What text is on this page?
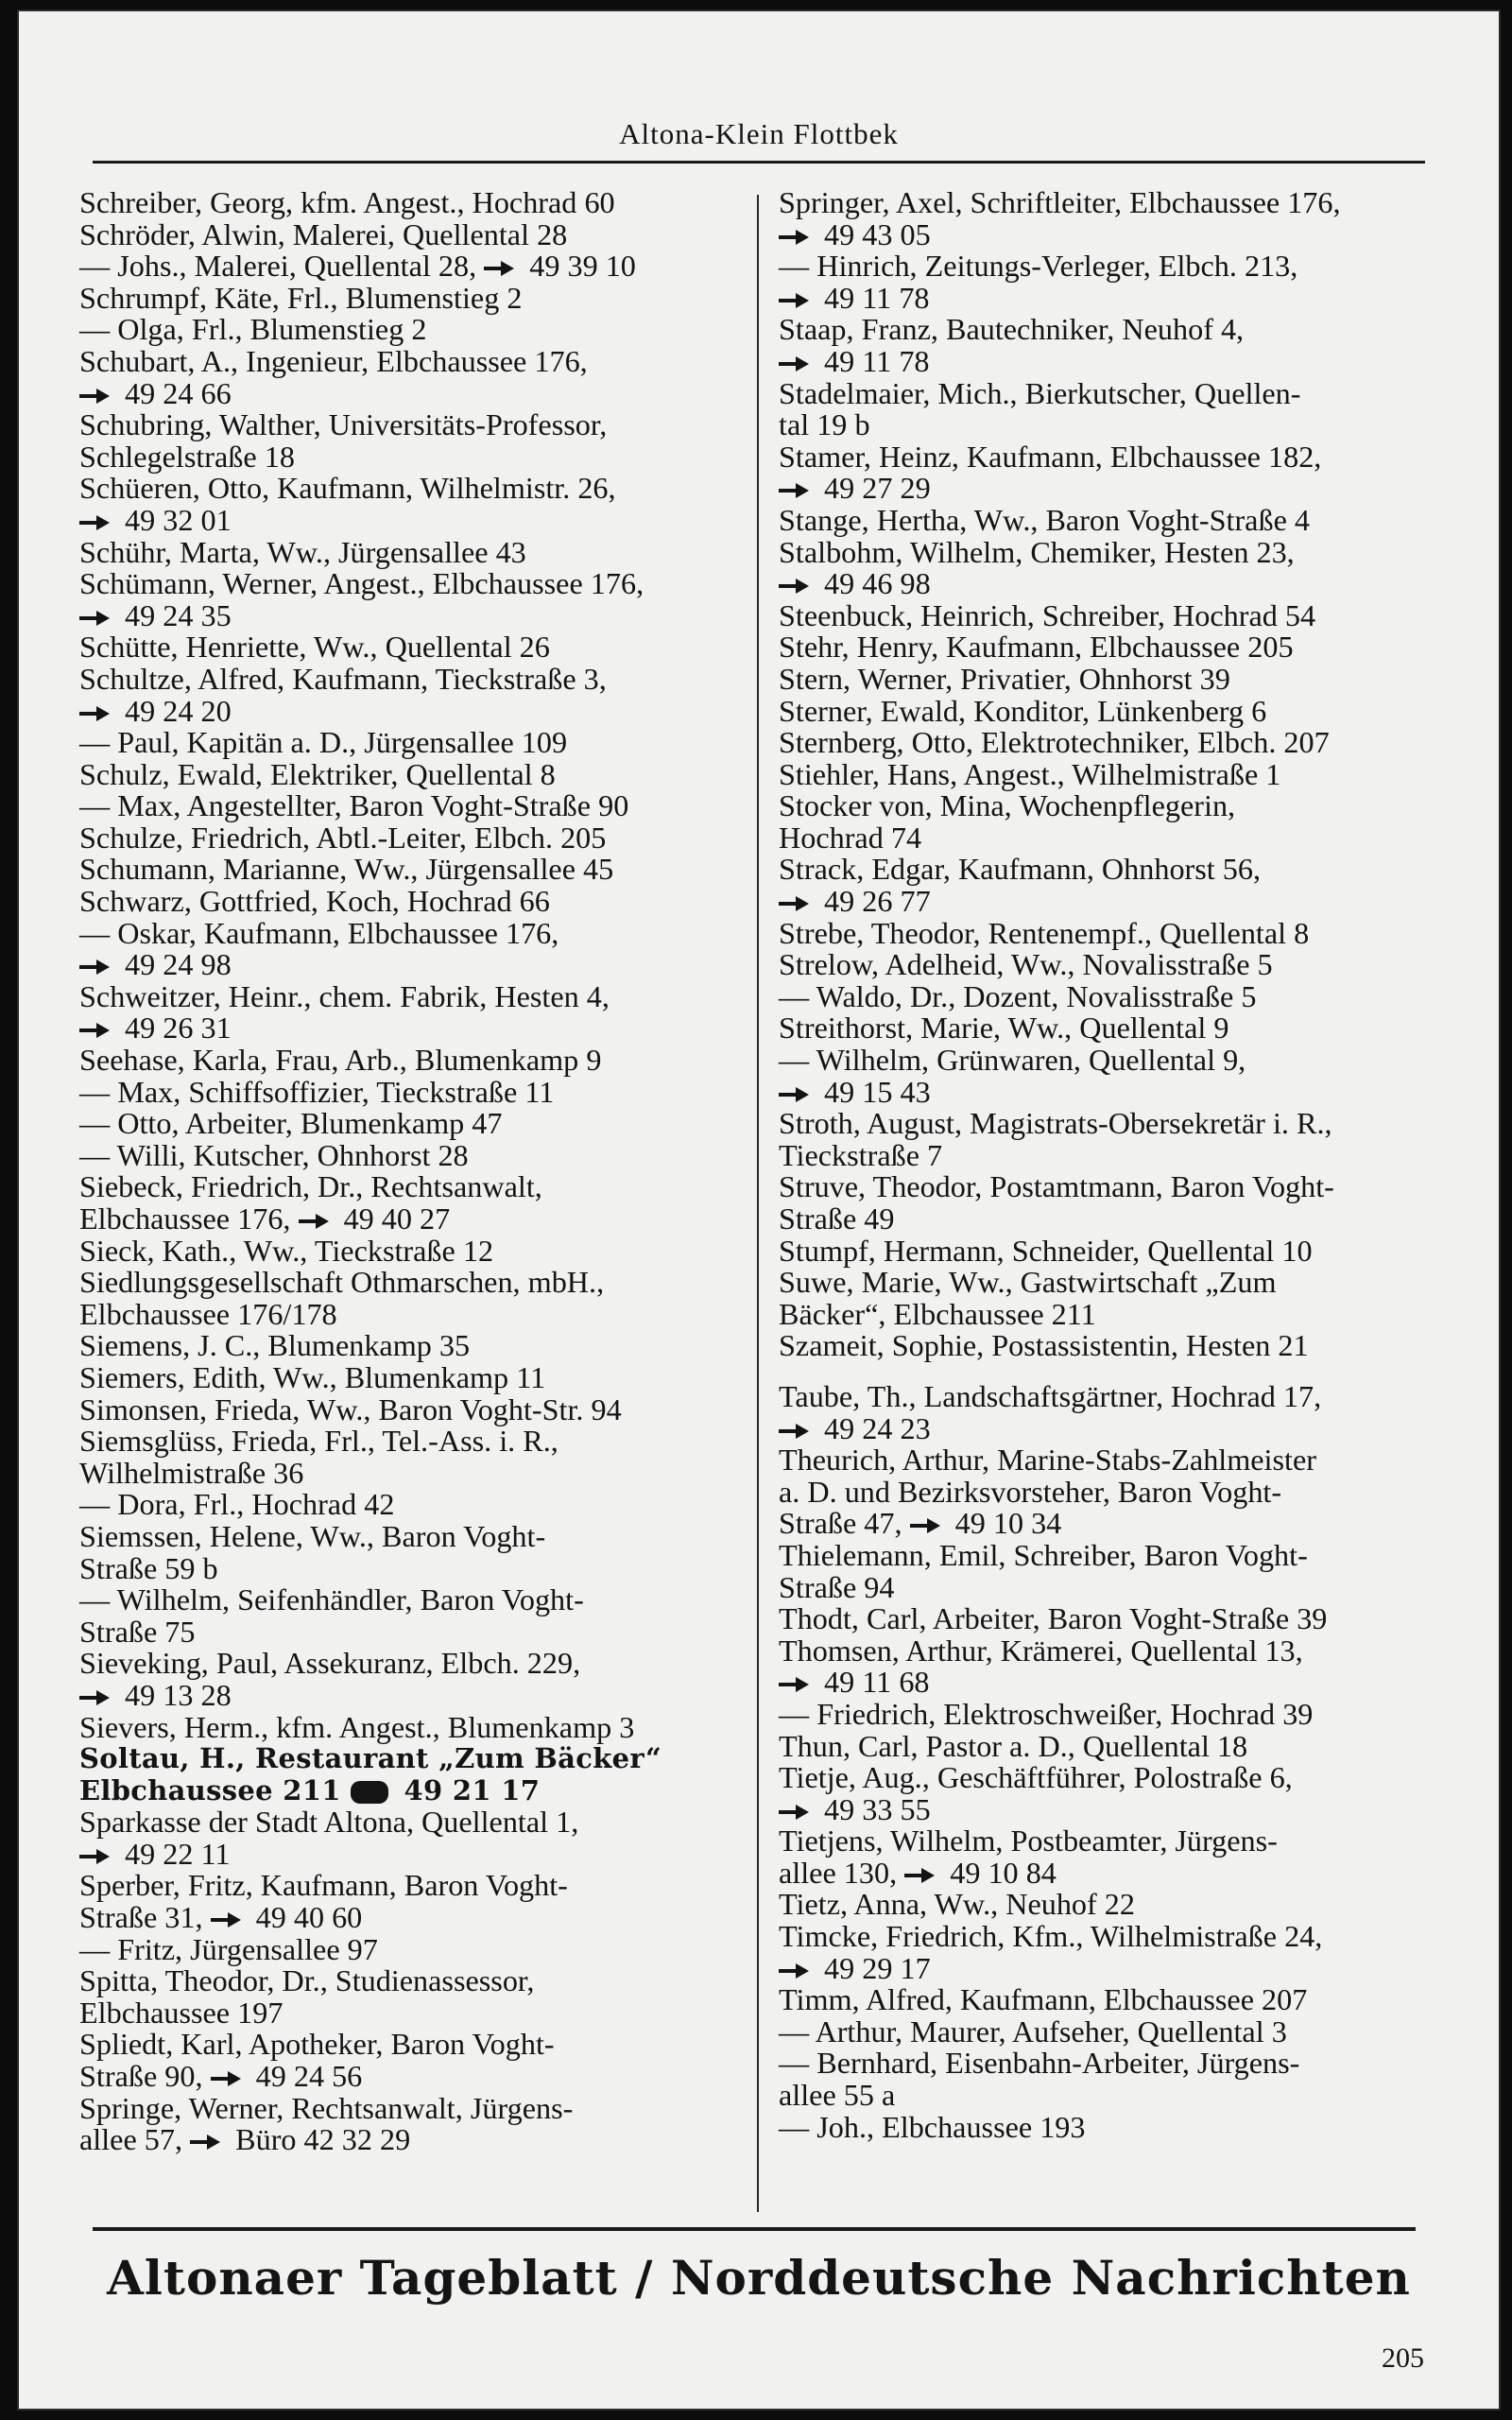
Altona-Klein Flottbek
Schreiber, Georg, kfm. Angest., Hochrad 60
Schröder, Alwin, Malerei, Quellental 28
— Johs., Malerei, Quellental 28,  49 39 10
Schrumpf, Käte, Frl., Blumenstieg 2
— Olga, Frl., Blumenstieg 2
Schubart, A., Ingenieur, Elbchaussee 176,
49 24 66
Schubring, Walther, Universitäts-Professor,
Schlegelstraße 18
Schüeren, Otto, Kaufmann, Wilhelmistr. 26,
49 32 01
Schühr, Marta, Ww., Jürgensallee 43
Schümann, Werner, Angest., Elbchaussee 176,
49 24 35
Schütte, Henriette, Ww., Quellental 26
Schultze, Alfred, Kaufmann, Tieckstraße 3,
49 24 20
— Paul, Kapitän a. D., Jürgensallee 109
Schulz, Ewald, Elektriker, Quellental 8
— Max, Angestellter, Baron Voght-Straße 90
Schulze, Friedrich, Abtl.-Leiter, Elbch. 205
Schumann, Marianne, Ww., Jürgensallee 45
Schwarz, Gottfried, Koch, Hochrad 66
— Oskar, Kaufmann, Elbchaussee 176,
49 24 98
Schweitzer, Heinr., chem. Fabrik, Hesten 4,
49 26 31
Seehase, Karla, Frau, Arb., Blumenkamp 9
— Max, Schiffsoffizier, Tieckstraße 11
— Otto, Arbeiter, Blumenkamp 47
— Willi, Kutscher, Ohnhorst 28
Siebeck, Friedrich, Dr., Rechtsanwalt,
Elbchaussee 176,  49 40 27
Sieck, Kath., Ww., Tieckstraße 12
Siedlungsgesellschaft Othmarschen, mbH.,
Elbchaussee 176/178
Siemens, J. C., Blumenkamp 35
Siemers, Edith, Ww., Blumenkamp 11
Simonsen, Frieda, Ww., Baron Voght-Str. 94
Siemsglüss, Frieda, Frl., Tel.-Ass. i. R.,
Wilhelmistraße 36
— Dora, Frl., Hochrad 42
Siemssen, Helene, Ww., Baron Voght-
Straße 59 b
— Wilhelm, Seifenhändler, Baron Voght-
Straße 75
Sieveking, Paul, Assekuranz, Elbch. 229,
49 13 28
Sievers, Herm., kfm. Angest., Blumenkamp 3
Soltau, H., Restaurant „Zum Bäcker“
Elbchaussee 211  49 21 17
Sparkasse der Stadt Altona, Quellental 1,
49 22 11
Sperber, Fritz, Kaufmann, Baron Voght-
Straße 31,  49 40 60
— Fritz, Jürgensallee 97
Spitta, Theodor, Dr., Studienassessor,
Elbchaussee 197
Spliedt, Karl, Apotheker, Baron Voght-
Straße 90,  49 24 56
Springe, Werner, Rechtsanwalt, Jürgens-
allee 57,  Büro 42 32 29
Springer, Axel, Schriftleiter, Elbchaussee 176,
49 43 05
— Hinrich, Zeitungs-Verleger, Elbch. 213,
49 11 78
Staap, Franz, Bautechniker, Neuhof 4,
49 11 78
Stadelmaier, Mich., Bierkutscher, Quellen-
tal 19 b
Stamer, Heinz, Kaufmann, Elbchaussee 182,
49 27 29
Stange, Hertha, Ww., Baron Voght-Straße 4
Stalbohm, Wilhelm, Chemiker, Hesten 23,
49 46 98
Steenbuck, Heinrich, Schreiber, Hochrad 54
Stehr, Henry, Kaufmann, Elbchaussee 205
Stern, Werner, Privatier, Ohnhorst 39
Sterner, Ewald, Konditor, Lünkenberg 6
Sternberg, Otto, Elektrotechniker, Elbch. 207
Stiehler, Hans, Angest., Wilhelmistraße 1
Stocker von, Mina, Wochenpflegerin,
Hochrad 74
Strack, Edgar, Kaufmann, Ohnhorst 56,
49 26 77
Strebe, Theodor, Rentenempf., Quellental 8
Strelow, Adelheid, Ww., Novalisstraße 5
— Waldo, Dr., Dozent, Novalisstraße 5
Streithorst, Marie, Ww., Quellental 9
— Wilhelm, Grünwaren, Quellental 9,
49 15 43
Stroth, August, Magistrats-Obersekretär i. R.,
Tieckstraße 7
Struve, Theodor, Postamtmann, Baron Voght-
Straße 49
Stumpf, Hermann, Schneider, Quellental 10
Suwe, Marie, Ww., Gastwirtschaft „Zum
Bäcker“, Elbchaussee 211
Szameit, Sophie, Postassistentin, Hesten 21
Taube, Th., Landschaftsgärtner, Hochrad 17,
49 24 23
Theurich, Arthur, Marine-Stabs-Zahlmeister
a. D. und Bezirksvorsteher, Baron Voght-
Straße 47,  49 10 34
Thielemann, Emil, Schreiber, Baron Voght-
Straße 94
Thodt, Carl, Arbeiter, Baron Voght-Straße 39
Thomsen, Arthur, Krämerei, Quellental 13,
49 11 68
— Friedrich, Elektroschweißer, Hochrad 39
Thun, Carl, Pastor a. D., Quellental 18
Tietje, Aug., Geschäftführer, Polostraße 6,
49 33 55
Tietjens, Wilhelm, Postbeamter, Jürgens-
allee 130,  49 10 84
Tietz, Anna, Ww., Neuhof 22
Timcke, Friedrich, Kfm., Wilhelmistraße 24,
49 29 17
Timm, Alfred, Kaufmann, Elbchaussee 207
— Arthur, Maurer, Aufseher, Quellental 3
— Bernhard, Eisenbahn-Arbeiter, Jürgens-
allee 55 a
— Joh., Elbchaussee 193
Altonaer Tageblatt / Norddeutsche Nachrichten
205
